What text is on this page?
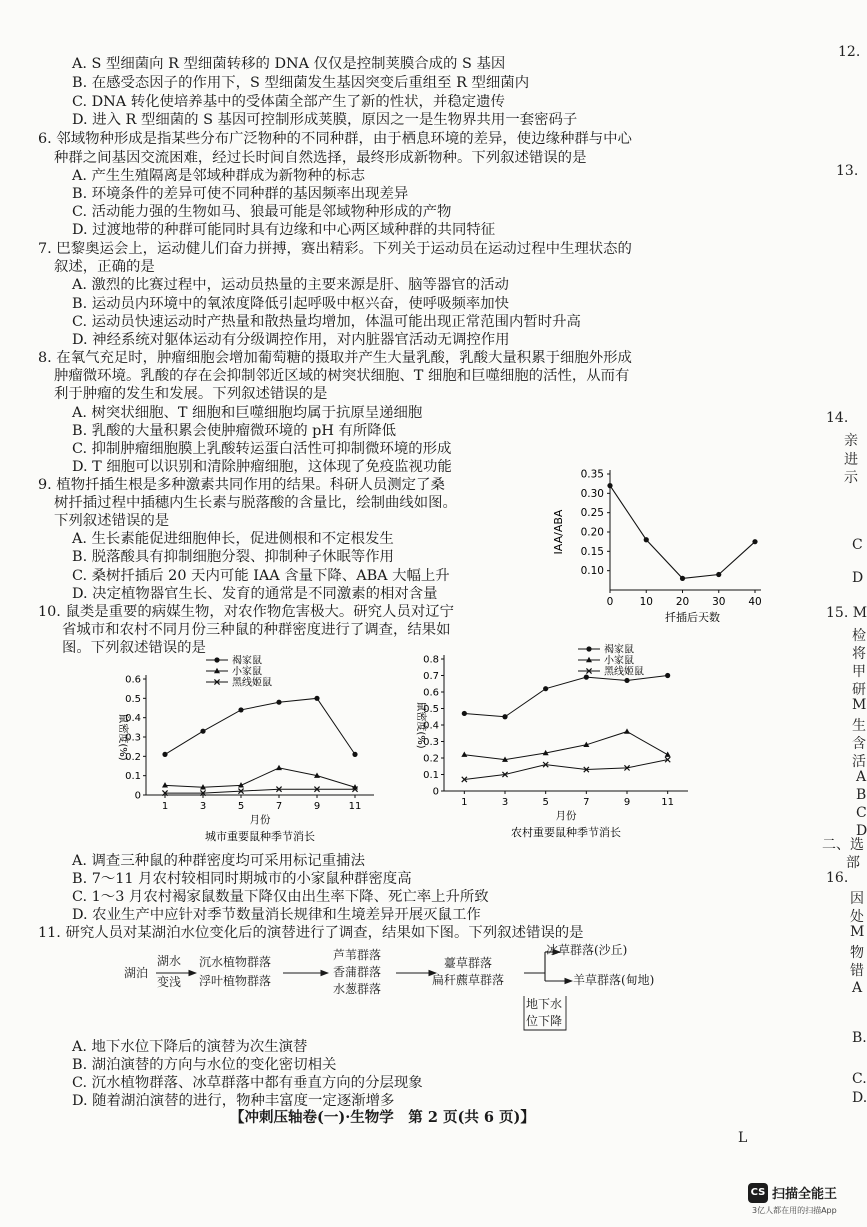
A. S 型细菌向 R 型细菌转移的 DNA 仅仅是控制荚膜合成的 S 基因
B. 在感受态因子的作用下，S 型细菌发生基因突变后重组至 R 型细菌内
C. DNA 转化使培养基中的受体菌全部产生了新的性状，并稳定遗传
D. 进入 R 型细菌的 S 基因可控制形成荚膜，原因之一是生物界共用一套密码子
6. 邻域物种形成是指某些分布广泛物种的不同种群，由于栖息环境的差异，使边缘种群与中心
种群之间基因交流困难，经过长时间自然选择，最终形成新物种。下列叙述错误的是
A. 产生生殖隔离是邻域种群成为新物种的标志
B. 环境条件的差异可使不同种群的基因频率出现差异
C. 活动能力强的生物如马、狼最可能是邻域物种形成的产物
D. 过渡地带的种群可能同时具有边缘和中心两区域种群的共同特征
7. 巴黎奥运会上，运动健儿们奋力拼搏，赛出精彩。下列关于运动员在运动过程中生理状态的
叙述，正确的是
A. 激烈的比赛过程中，运动员热量的主要来源是肝、脑等器官的活动
B. 运动员内环境中的氧浓度降低引起呼吸中枢兴奋，使呼吸频率加快
C. 运动员快速运动时产热量和散热量均增加，体温可能出现正常范围内暂时升高
D. 神经系统对躯体运动有分级调控作用，对内脏器官活动无调控作用
8. 在氧气充足时，肿瘤细胞会增加葡萄糖的摄取并产生大量乳酸，乳酸大量积累于细胞外形成
肿瘤微环境。乳酸的存在会抑制邻近区域的树突状细胞、T 细胞和巨噬细胞的活性，从而有
利于肿瘤的发生和发展。下列叙述错误的是
A. 树突状细胞、T 细胞和巨噬细胞均属于抗原呈递细胞
B. 乳酸的大量积累会使肿瘤微环境的 pH 有所降低
C. 抑制肿瘤细胞膜上乳酸转运蛋白活性可抑制微环境的形成
D. T 细胞可以识别和清除肿瘤细胞，这体现了免疫监视功能
9. 植物扦插生根是多种激素共同作用的结果。科研人员测定了桑
树扦插过程中插穗内生长素与脱落酸的含量比，绘制曲线如图。
下列叙述错误的是
A. 生长素能促进细胞伸长，促进侧根和不定根发生
B. 脱落酸具有抑制细胞分裂、抑制种子休眠等作用
C. 桑树扦插后 20 天内可能 IAA 含量下降、ABA 大幅上升
D. 决定植物器官生长、发育的通常是不同激素的相对含量
10. 鼠类是重要的病媒生物，对农作物危害极大。研究人员对辽宁
省城市和农村不同月份三种鼠的种群密度进行了调查，结果如
图。下列叙述错误的是
0.10
0.15
0.20
0.25
0.30
0.35
0 10 20 30 40
IAA/ABA
扦插后天数
0
0.1
0.2
0.3
0.4
0.5
0.6
1	3	5	7	9	11
褐家鼠
小家鼠
黑线姬鼠
鼠密度(%)
月份
城市重要鼠种季节消长
0
0.1
0.2
0.3
0.4
0.5
0.6
0.7
0.8
1	3	5	7	9	11
褐家鼠
小家鼠
黑线姬鼠
鼠密度(%)
月份
农村重要鼠种季节消长
A. 调查三种鼠的种群密度均可采用标记重捕法
B. 7～11 月农村较相同时期城市的小家鼠种群密度高
C. 1～3 月农村褐家鼠数量下降仅由出生率下降、死亡率上升所致
D. 农业生产中应针对季节数量消长规律和生境差异开展灭鼠工作
11. 研究人员对某湖泊水位变化后的演替进行了调查，结果如下图。下列叙述错误的是
湖泊
湖水
变浅
沉水植物群落
浮叶植物群落
芦苇群落
香蒲群落
水葱群落
薹草群落
扁秆藨草群落
冰草群落(沙丘)
羊草群落(甸地)
地下水
位下降
A. 地下水位下降后的演替为次生演替
B. 湖泊演替的方向与水位的变化密切相关
C. 沉水植物群落、冰草群落中都有垂直方向的分层现象
D. 随着湖泊演替的进行，物种丰富度一定逐渐增多
【冲刺压轴卷(一)·生物学　第 2 页(共 6 页)】
L
12.
13.
14.
亲
进
示
C
D
15. M
检
将
甲
研
M
生
含
活
A
B
C
D
二、选
部
16.
因
处
M
物
错
A
B.
C.
D.
CS 扫描全能王
3亿人都在用的扫描App
